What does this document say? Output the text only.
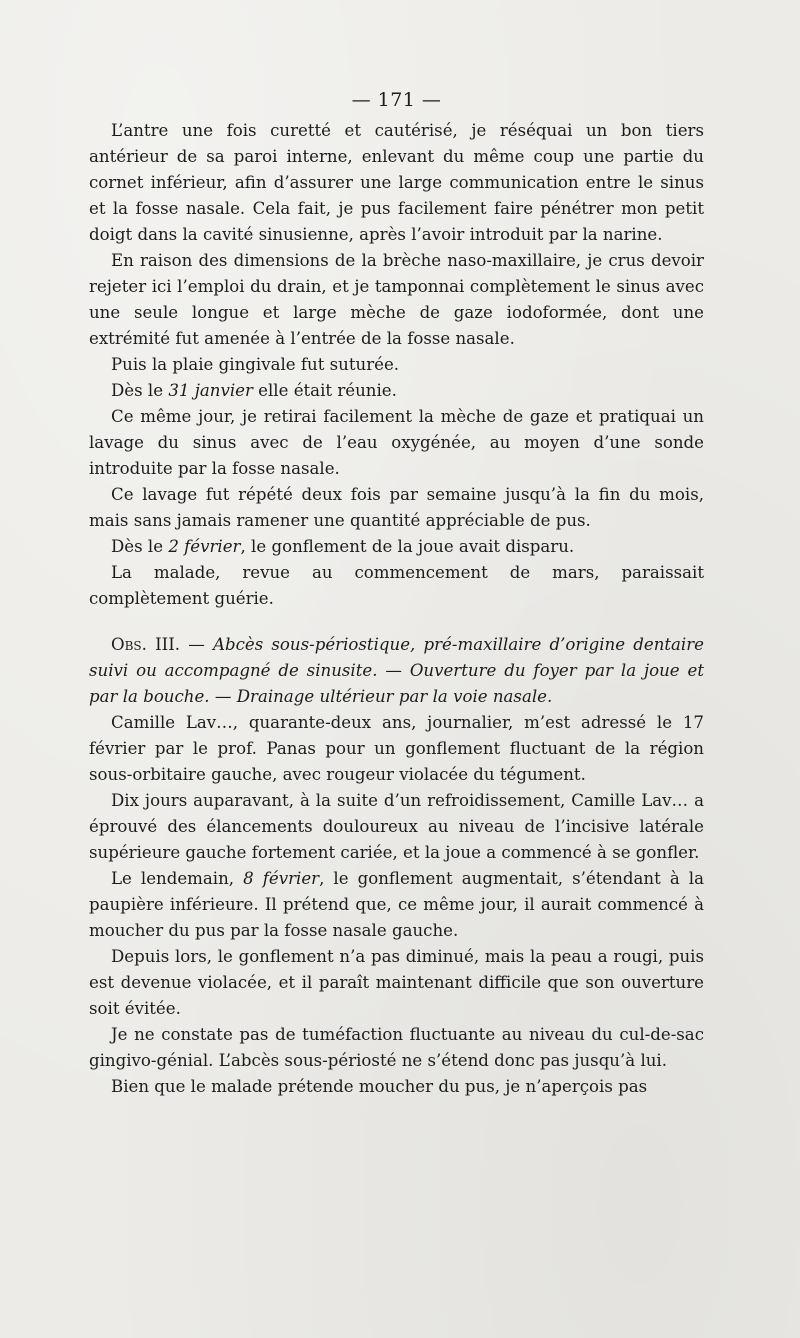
— 171 —

L’antre une fois curetté et cautérisé, je réséquai un bon tiers antérieur de sa paroi interne, enlevant du même coup une partie du cornet inférieur, afin d’assurer une large communication entre le sinus et la fosse nasale. Cela fait, je pus facilement faire pénétrer mon petit doigt dans la cavité sinusienne, après l’avoir introduit par la narine.

En raison des dimensions de la brèche naso-maxillaire, je crus devoir rejeter ici l’emploi du drain, et je tamponnai complètement le sinus avec une seule longue et large mèche de gaze iodoformée, dont une extrémité fut amenée à l’entrée de la fosse nasale.

Puis la plaie gingivale fut suturée.

Dès le 31 janvier elle était réunie.

Ce même jour, je retirai facilement la mèche de gaze et pratiquai un lavage du sinus avec de l’eau oxygénée, au moyen d’une sonde introduite par la fosse nasale.

Ce lavage fut répété deux fois par semaine jusqu’à la fin du mois, mais sans jamais ramener une quantité appréciable de pus.

Dès le 2 février, le gonflement de la joue avait disparu.

La malade, revue au commencement de mars, paraissait complètement guérie.

Obs. III. — Abcès sous-périostique, pré-maxillaire d’origine dentaire suivi ou accompagné de sinusite. — Ouverture du foyer par la joue et par la bouche. — Drainage ultérieur par la voie nasale.

Camille Lav…, quarante-deux ans, journalier, m’est adressé le 17 février par le prof. Panas pour un gonflement fluctuant de la région sous-orbitaire gauche, avec rougeur violacée du tégument.

Dix jours auparavant, à la suite d’un refroidissement, Camille Lav… a éprouvé des élancements douloureux au niveau de l’incisive latérale supérieure gauche fortement cariée, et la joue a commencé à se gonfler.

Le lendemain, 8 février, le gonflement augmentait, s’étendant à la paupière inférieure. Il prétend que, ce même jour, il aurait commencé à moucher du pus par la fosse nasale gauche.

Depuis lors, le gonflement n’a pas diminué, mais la peau a rougi, puis est devenue violacée, et il paraît maintenant difficile que son ouverture soit évitée.

Je ne constate pas de tuméfaction fluctuante au niveau du cul-de-sac gingivo-génial. L’abcès sous-périosté ne s’étend donc pas jusqu’à lui.

Bien que le malade prétende moucher du pus, je n’aperçois pas
